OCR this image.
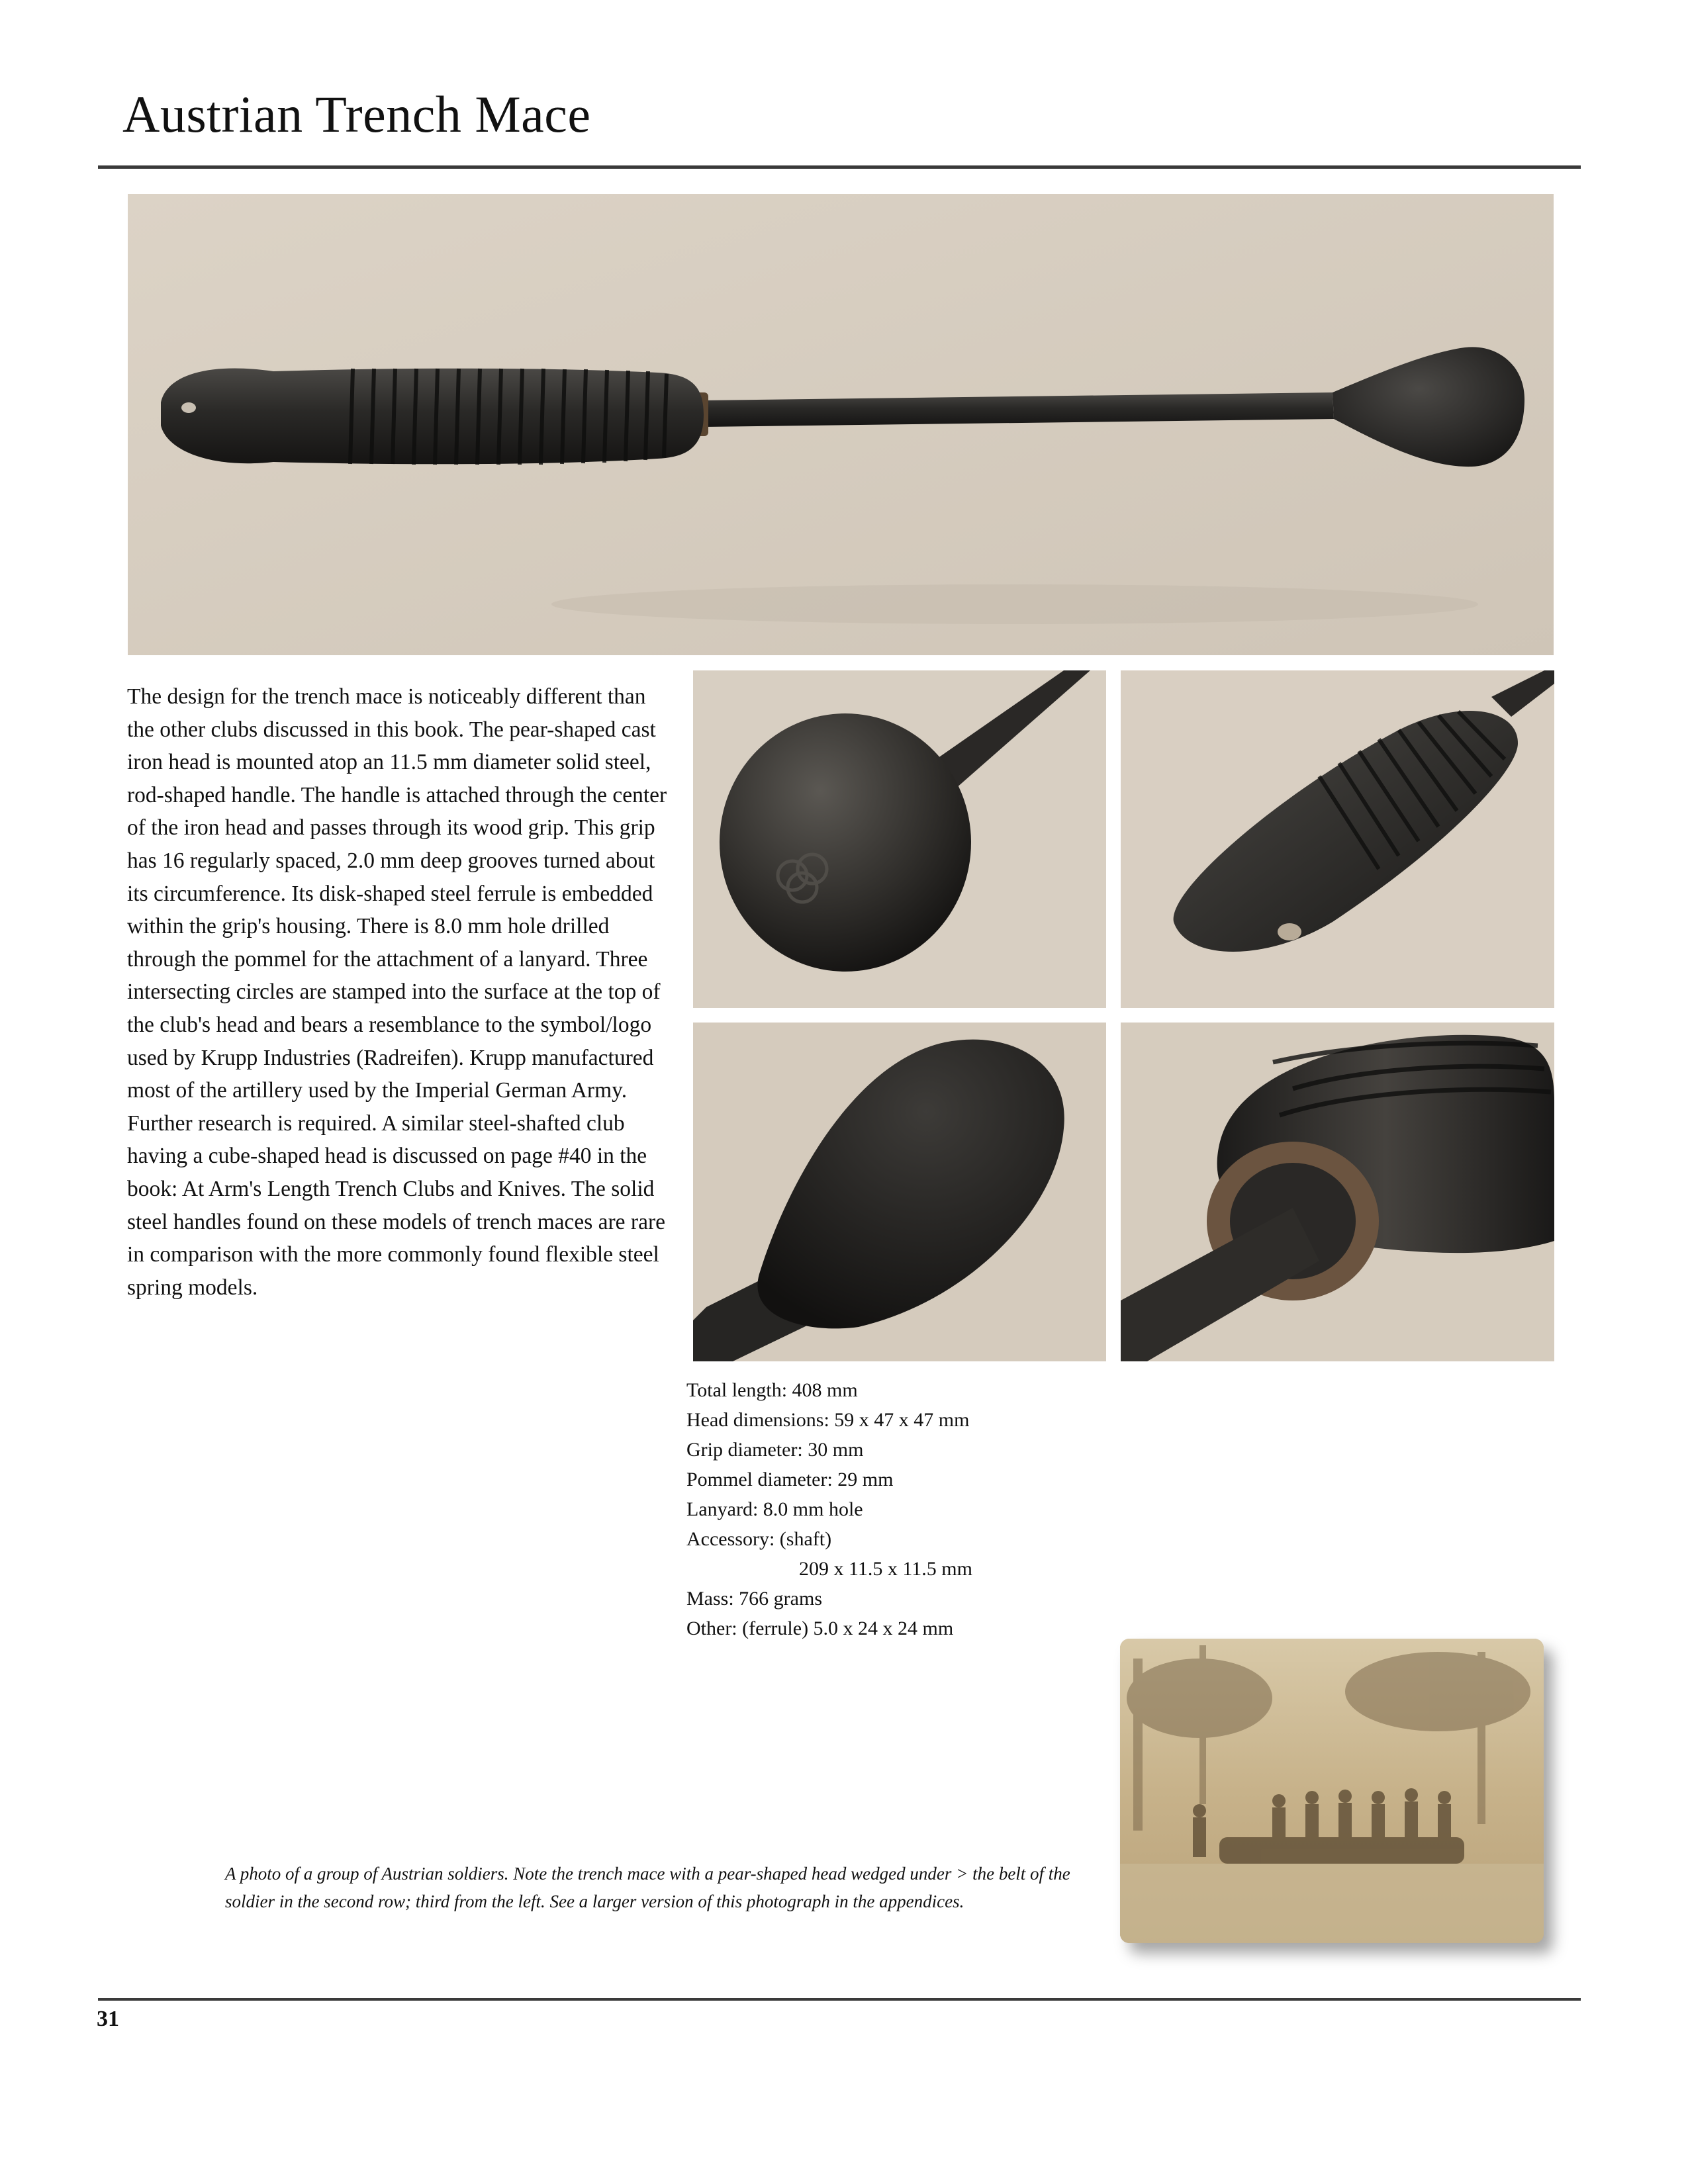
Austrian Trench Mace

The design for the trench mace is noticeably different than the other clubs discussed in this book. The pear-shaped cast iron head is mounted atop an 11.5 mm diameter solid steel, rod-shaped handle. The handle is attached through the center of the iron head and passes through its wood grip. This grip has 16 regularly spaced, 2.0 mm deep grooves turned about its circumference. Its disk-shaped steel ferrule is embedded within the grip's housing. There is 8.0 mm hole drilled through the pommel for the attachment of a lanyard. Three intersecting circles are stamped into the surface at the top of the club's head and bears a resemblance to the symbol/logo used by Krupp Industries (Radreifen). Krupp manufactured most of the artillery used by the Imperial German Army. Further research is required. A similar steel-shafted club having a cube-shaped head is discussed on page #40 in the book: At Arm's Length Trench Clubs and Knives. The solid steel handles found on these models of trench maces are rare in comparison with the more commonly found flexible steel spring models.

Total length: 408 mm
Head dimensions: 59 x 47 x 47 mm
Grip diameter: 30 mm
Pommel diameter: 29 mm
Lanyard: 8.0 mm hole
Accessory: (shaft)
209 x 11.5 x 11.5 mm
Mass: 766 grams
Other: (ferrule) 5.0 x 24 x 24 mm

A photo of a group of Austrian soldiers. Note the trench mace with a pear-shaped head wedged under > the belt of the soldier in the second row; third from the left. See a larger version of this photograph in the appendices.

31
